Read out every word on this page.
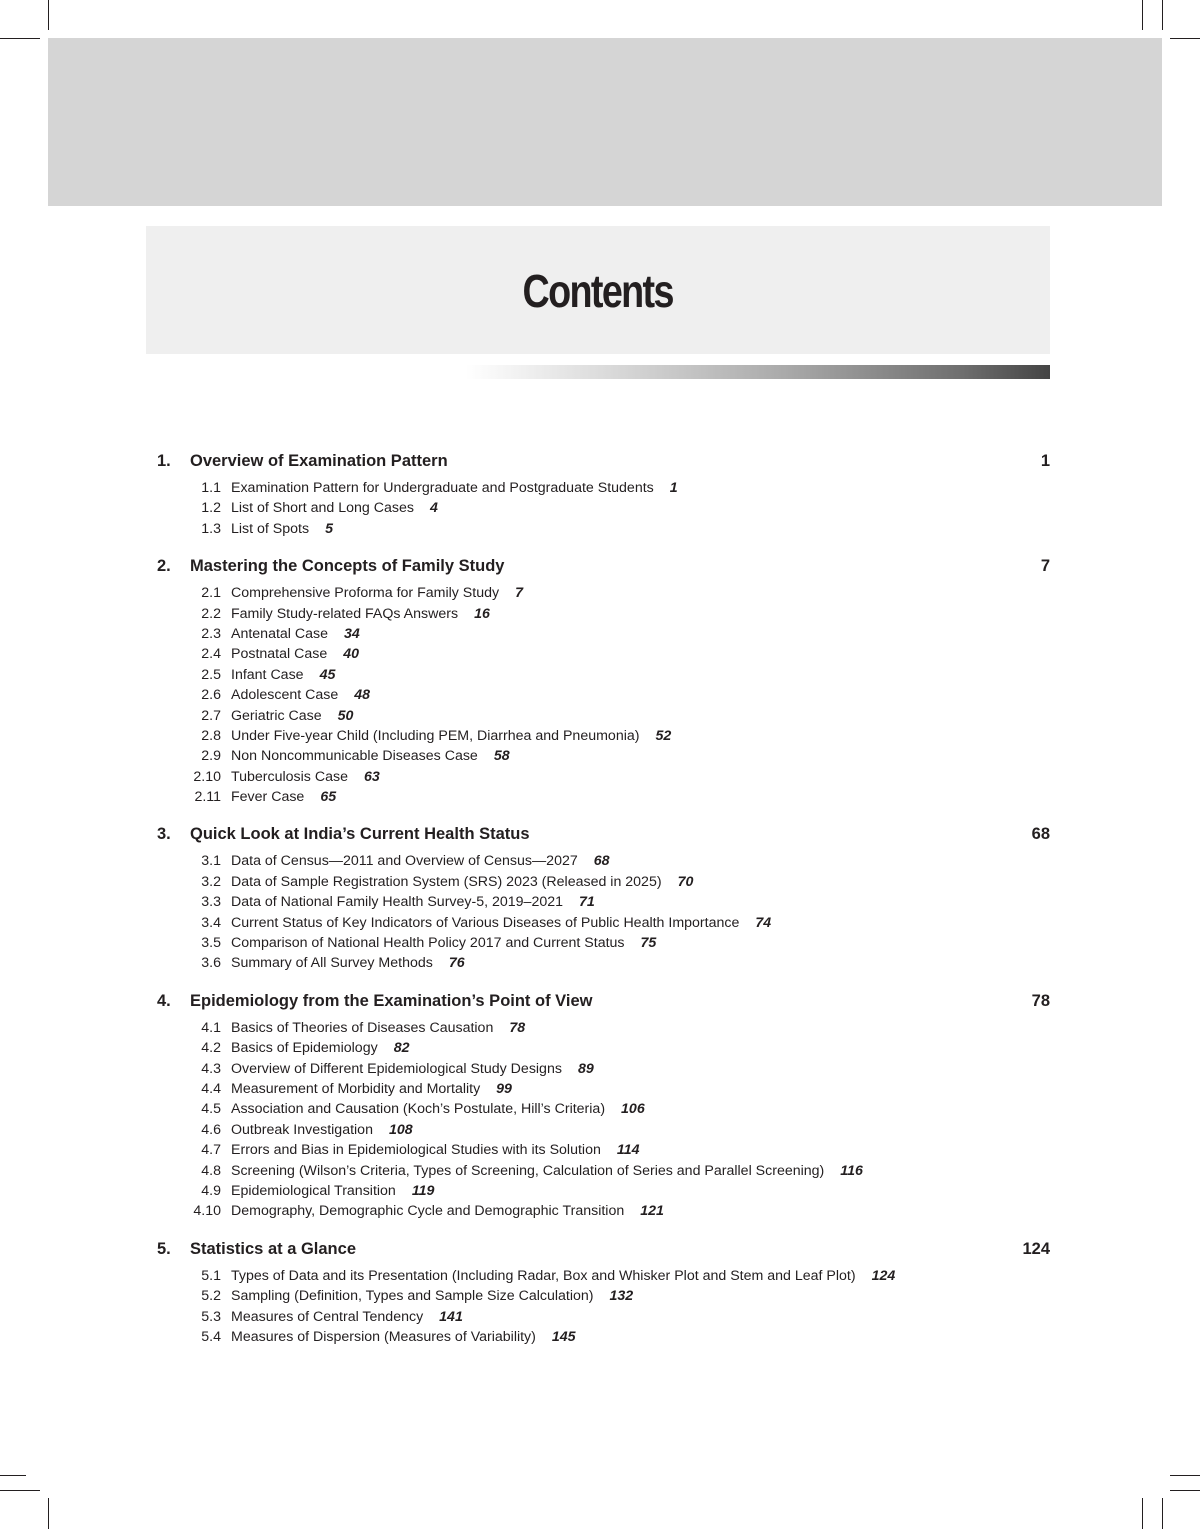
Contents
1.	Overview of Examination Pattern	1
1.1 Examination Pattern for Undergraduate and Postgraduate Students 1
1.2 List of Short and Long Cases 4
1.3 List of Spots 5
2.	Mastering the Concepts of Family Study	7
2.1 Comprehensive Proforma for Family Study 7
2.2 Family Study-related FAQs Answers 16
2.3 Antenatal Case 34
2.4 Postnatal Case 40
2.5 Infant Case 45
2.6 Adolescent Case 48
2.7 Geriatric Case 50
2.8 Under Five-year Child (Including PEM, Diarrhea and Pneumonia) 52
2.9 Non Noncommunicable Diseases Case 58
2.10 Tuberculosis Case 63
2.11 Fever Case 65
3.	Quick Look at India’s Current Health Status	68
3.1 Data of Census—2011 and Overview of Census—2027 68
3.2 Data of Sample Registration System (SRS) 2023 (Released in 2025) 70
3.3 Data of National Family Health Survey-5, 2019–2021 71
3.4 Current Status of Key Indicators of Various Diseases of Public Health Importance 74
3.5 Comparison of National Health Policy 2017 and Current Status 75
3.6 Summary of All Survey Methods 76
4.	Epidemiology from the Examination’s Point of View	78
4.1 Basics of Theories of Diseases Causation 78
4.2 Basics of Epidemiology 82
4.3 Overview of Different Epidemiological Study Designs 89
4.4 Measurement of Morbidity and Mortality 99
4.5 Association and Causation (Koch’s Postulate, Hill’s Criteria) 106
4.6 Outbreak Investigation 108
4.7 Errors and Bias in Epidemiological Studies with its Solution 114
4.8 Screening (Wilson’s Criteria, Types of Screening, Calculation of Series and Parallel Screening) 116
4.9 Epidemiological Transition 119
4.10 Demography, Demographic Cycle and Demographic Transition 121
5.	Statistics at a Glance	124
5.1 Types of Data and its Presentation (Including Radar, Box and Whisker Plot and Stem and Leaf Plot) 124
5.2 Sampling (Definition, Types and Sample Size Calculation) 132
5.3 Measures of Central Tendency 141
5.4 Measures of Dispersion (Measures of Variability) 145
